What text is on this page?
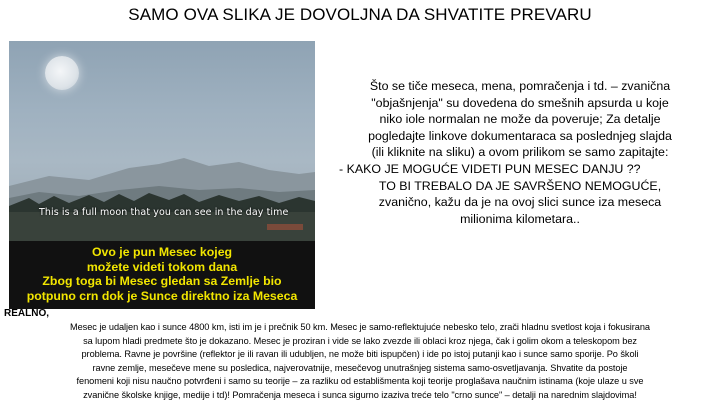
SAMO OVA SLIKA JE DOVOLJNA DA SHVATITE PREVARU
This is a full moon that you can see in the day time
Ovo je pun Mesec kojeg
možete videti tokom dana
Zbog toga bi Mesec gledan sa Zemlje bio
potpuno crn dok je Sunce direktno iza Meseca
Što se tiče meseca, mena, pomračenja i td. – zvanična
"objašnjenja" su dovedena do smešnih apsurda u koje
niko iole normalan ne može da poveruje; Za detalje
pogledajte linkove dokumentaraca sa poslednjeg slajda
(ili kliknite na sliku) a ovom prilikom se samo zapitajte:
- KAKO JE MOGUĆE VIDETI PUN MESEC DANJU ??
TO BI TREBALO DA JE SAVRŠENO NEMOGUĆE,
zvanično, kažu da je na ovoj slici sunce iza meseca
milionima kilometara..
REALNO,
Mesec je udaljen kao i sunce 4800 km, isti im je i prečnik 50 km. Mesec je samo-reflektujuće nebesko telo, zrači hladnu svetlost koja i fokusirana
sa lupom hladi predmete što je dokazano. Mesec je proziran i vide se lako zvezde ili oblaci kroz njega, čak i golim okom a teleskopom bez
problema. Ravne je površine (reflektor je ili ravan ili udubljen, ne može biti ispupčen) i ide po istoj putanji kao i sunce samo sporije. Po školi
ravne zemlje, mesečeve mene su posledica, najverovatnije, mesečevog unutrašnjeg sistema samo-osvetljavanja. Shvatite da postoje
fenomeni koji nisu naučno potvrđeni i samo su teorije – za razliku od establišmenta koji teorije proglašava naučnim istinama (koje ulaze u sve
zvanične školske knjige, medije i td)! Pomračenja meseca i sunca sigurno izaziva treće telo "crno sunce" – detalji na narednim slajdovima!
